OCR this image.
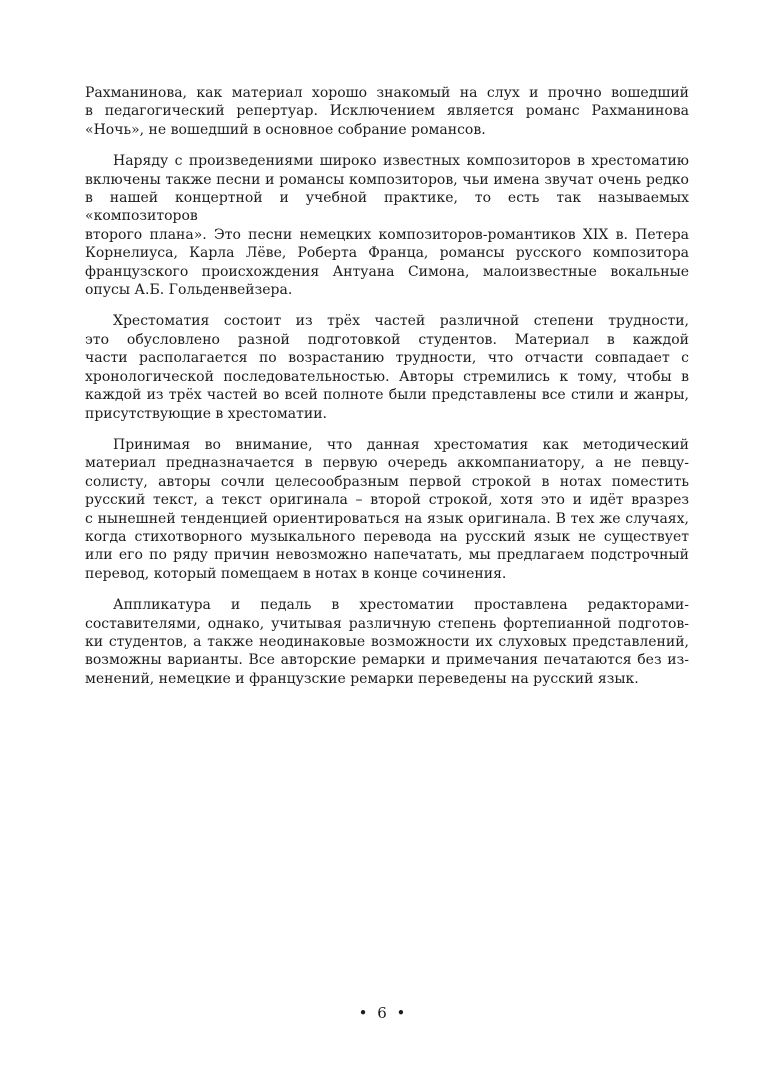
Рахманинова, как материал хорошо знакомый на слух и прочно вошедший
в педагогический репертуар. Исключением является романс Рахманинова
«Ночь», не вошедший в основное собрание романсов.
Наряду с произведениями широко известных композиторов в хрестоматию
включены также песни и романсы композиторов, чьи имена звучат очень редко
в нашей концертной и учебной практике, то есть так называемых «композиторов
второго плана». Это песни немецких композиторов-романтиков XIX в. Петера
Корнелиуса, Карла Лёве, Роберта Франца, романсы русского композитора
французского происхождения Антуана Симона, малоизвестные вокальные
опусы А.Б. Гольденвейзера.
Хрестоматия состоит из трёх частей различной степени трудности,
это обусловлено разной подготовкой студентов. Материал в каждой
части располагается по возрастанию трудности, что отчасти совпадает с
хронологической последовательностью. Авторы стремились к тому, чтобы в
каждой из трёх частей во всей полноте были представлены все стили и жанры,
присутствующие в хрестоматии.
Принимая во внимание, что данная хрестоматия как методический
материал предназначается в первую очередь аккомпаниатору, а не певцу-
солисту, авторы сочли целесообразным первой строкой в нотах поместить
русский текст, а текст оригинала – второй строкой, хотя это и идёт вразрез
с нынешней тенденцией ориентироваться на язык оригинала. В тех же случаях,
когда стихотворного музыкального перевода на русский язык не существует
или его по ряду причин невозможно напечатать, мы предлагаем подстрочный
перевод, который помещаем в нотах в конце сочинения.
Аппликатура и педаль в хрестоматии проставлена редакторами-
составителями, однако, учитывая различную степень фортепианной подготов-
ки студентов, а также неодинаковые возможности их слуховых представлений,
возможны варианты. Все авторские ремарки и примечания печатаются без из-
менений, немецкие и французские ремарки переведены на русский язык.
• 6 •
